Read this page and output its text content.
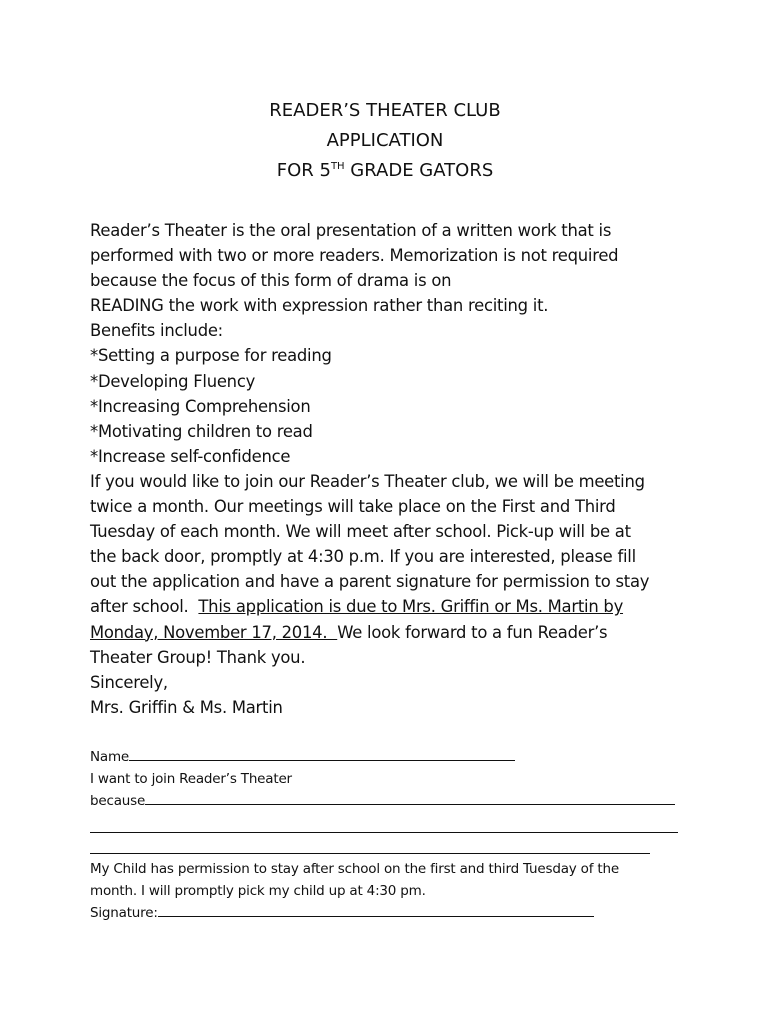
READER’S THEATER CLUB
APPLICATION
FOR 5TH GRADE GATORS
Reader’s Theater is the oral presentation of a written work that is
performed with two or more readers. Memorization is not required
because the focus of this form of drama is on
READING the work with expression rather than reciting it.
Benefits include:
*Setting a purpose for reading
*Developing Fluency
*Increasing Comprehension
*Motivating children to read
*Increase self-confidence
If you would like to join our Reader’s Theater club, we will be meeting
twice a month. Our meetings will take place on the First and Third
Tuesday of each month. We will meet after school. Pick-up will be at
the back door, promptly at 4:30 p.m. If you are interested, please fill
out the application and have a parent signature for permission to stay
after school.  This application is due to Mrs. Griffin or Ms. Martin by
Monday, November 17, 2014.  We look forward to a fun Reader’s
Theater Group! Thank you.
Sincerely,
Mrs. Griffin & Ms. Martin
Name
I want to join Reader’s Theater
because
My Child has permission to stay after school on the first and third Tuesday of the
month. I will promptly pick my child up at 4:30 pm.
Signature:
